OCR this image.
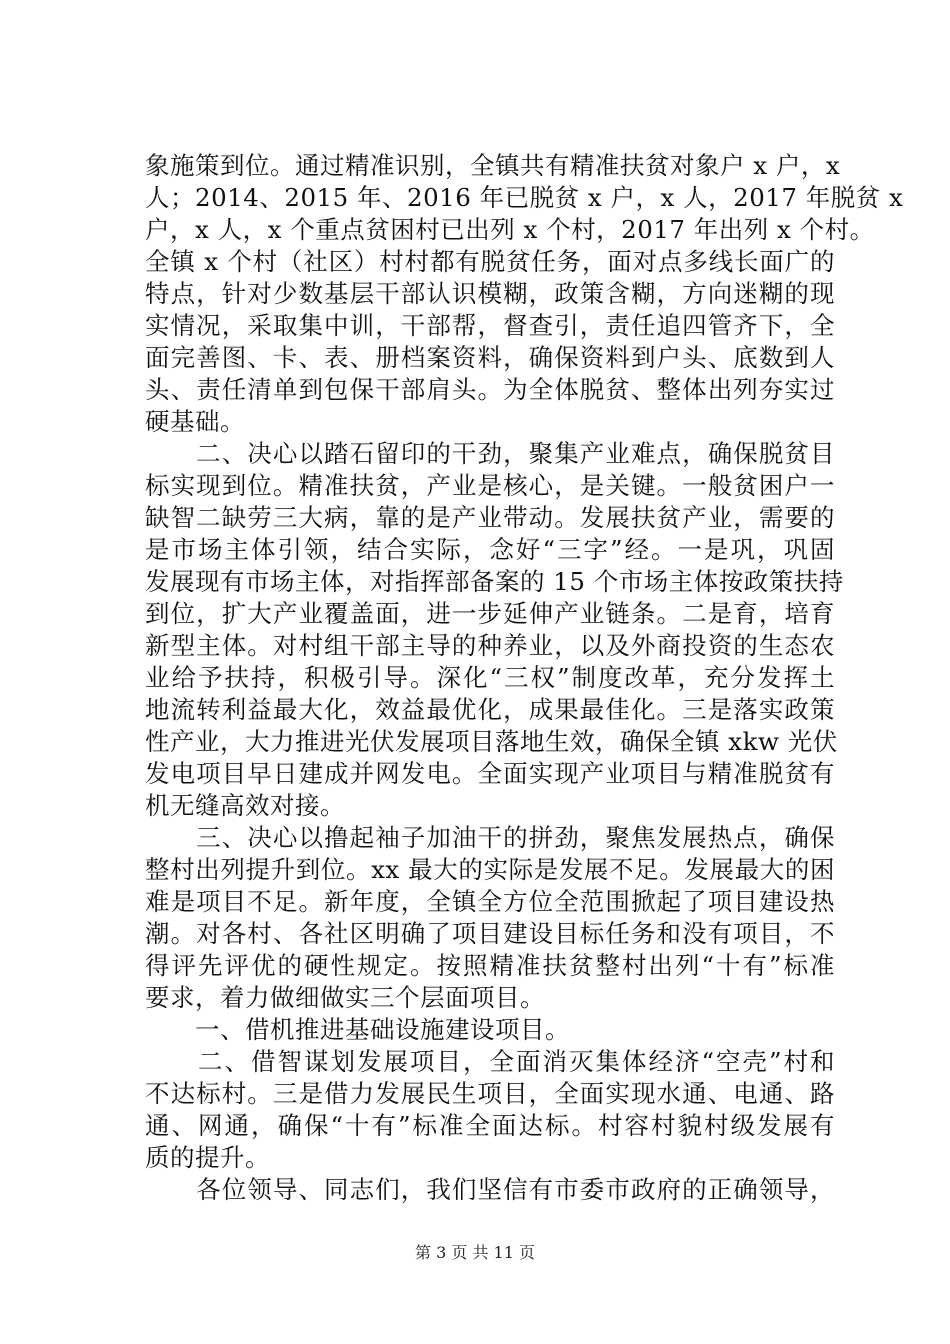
象施策到位。通过精准识别，全镇共有精准扶贫对象户 x 户，x
人；2014、2015 年、2016 年已脱贫 x 户，x 人，2017 年脱贫 x
户，x 人，x 个重点贫困村已出列 x 个村，2017 年出列 x 个村。
全镇 x 个村（社区）村村都有脱贫任务，面对点多线长面广的
特点，针对少数基层干部认识模糊，政策含糊，方向迷糊的现
实情况，采取集中训，干部帮，督查引，责任追四管齐下，全
面完善图、卡、表、册档案资料，确保资料到户头、底数到人
头、责任清单到包保干部肩头。为全体脱贫、整体出列夯实过
硬基础。
　　二、决心以踏石留印的干劲，聚集产业难点，确保脱贫目
标实现到位。精准扶贫，产业是核心，是关键。一般贫困户一
缺智二缺劳三大病，靠的是产业带动。发展扶贫产业，需要的
是市场主体引领，结合实际，念好“三字”经。一是巩，巩固
发展现有市场主体，对指挥部备案的 15 个市场主体按政策扶持
到位，扩大产业覆盖面，进一步延伸产业链条。二是育，培育
新型主体。对村组干部主导的种养业，以及外商投资的生态农
业给予扶持，积极引导。深化“三权”制度改革，充分发挥土
地流转利益最大化，效益最优化，成果最佳化。三是落实政策
性产业，大力推进光伏发展项目落地生效，确保全镇 xkw 光伏
发电项目早日建成并网发电。全面实现产业项目与精准脱贫有
机无缝高效对接。
　　三、决心以撸起袖子加油干的拼劲，聚焦发展热点，确保
整村出列提升到位。xx 最大的实际是发展不足。发展最大的困
难是项目不足。新年度，全镇全方位全范围掀起了项目建设热
潮。对各村、各社区明确了项目建设目标任务和没有项目，不
得评先评优的硬性规定。按照精准扶贫整村出列“十有”标准
要求，着力做细做实三个层面项目。
　　一、借机推进基础设施建设项目。
　　二、借智谋划发展项目，全面消灭集体经济“空壳”村和
不达标村。三是借力发展民生项目，全面实现水通、电通、路
通、网通，确保“十有”标准全面达标。村容村貌村级发展有
质的提升。
　　各位领导、同志们，我们坚信有市委市政府的正确领导，
第 3 页 共 11 页
